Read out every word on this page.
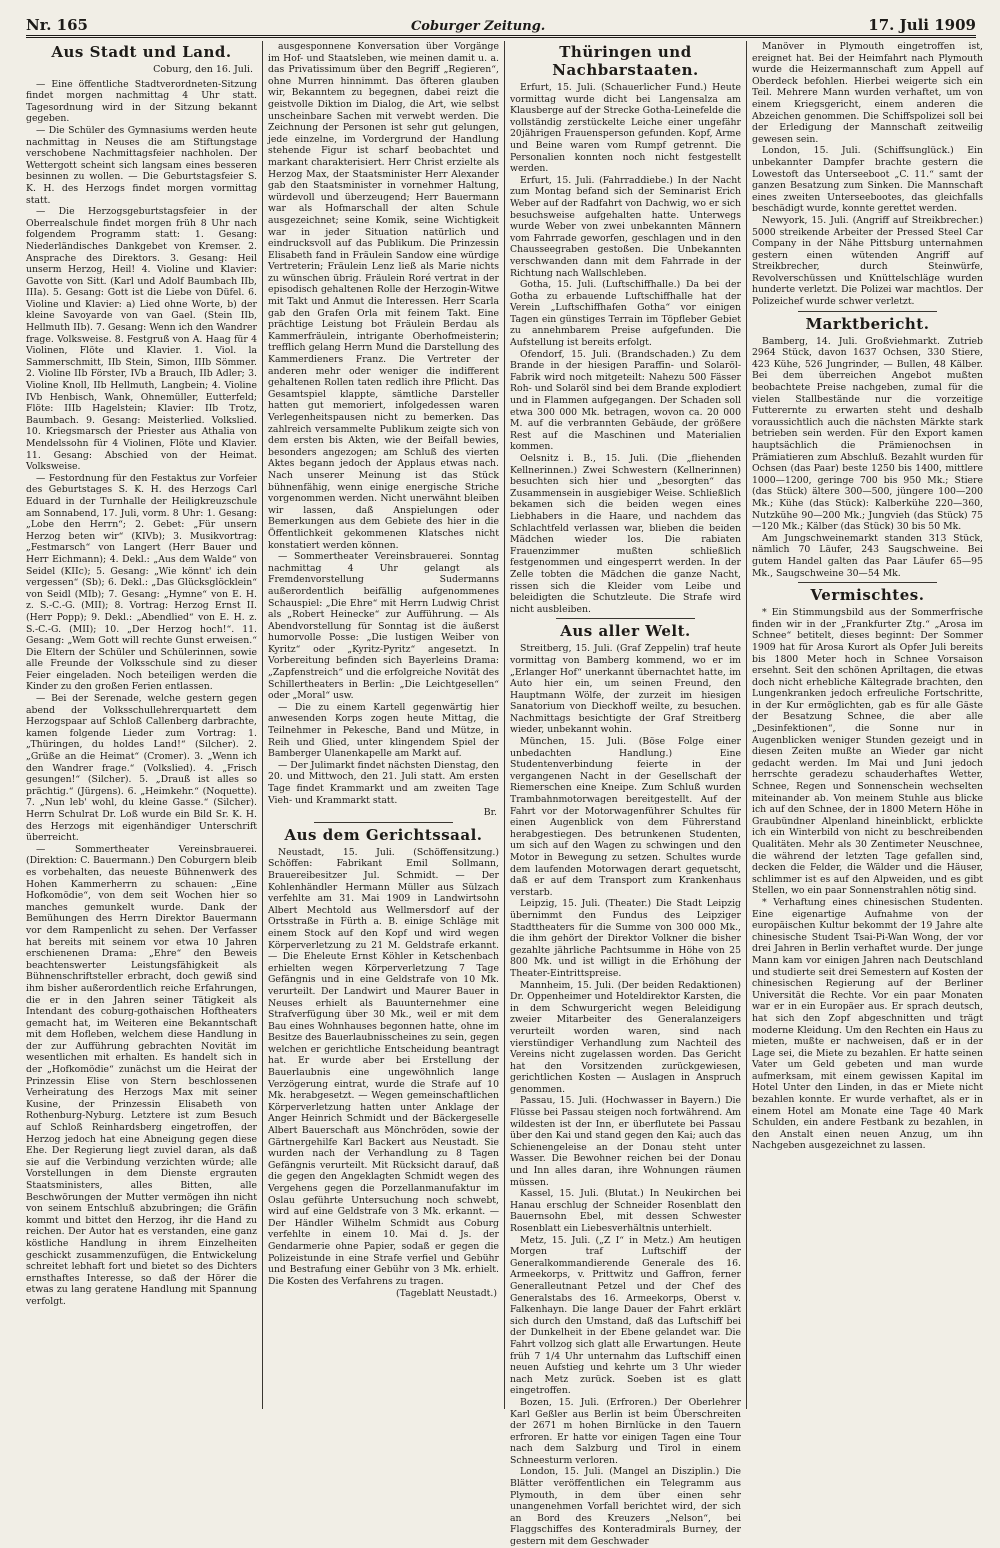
Nr. 165	Coburger Zeitung.	17. Juli 1909
Aus Stadt und Land.
Coburg, den 16. Juli.

— Eine öffentliche Stadtverordneten-Sitzung findet morgen nachmittag 4 Uhr statt. Tagesordnung wird in der Sitzung bekannt gegeben.

— Die Schüler des Gymnasiums werden heute nachmittag in Neuses die am Stiftungstage verschobene Nachmittagsfeier nachholen. Der Wettergott scheint sich langsam eines besseren besinnen zu wollen. — Die Geburtstagsfeier S. K. H. des Herzogs findet morgen vormittag statt.

— Die Herzogsgeburtstagsfeier in der Oberrealschule findet morgen früh 8 Uhr nach folgendem Programm statt: 1. Gesang: Niederländisches Dankgebet von Kremser. 2. Ansprache des Direktors. 3. Gesang: Heil unserm Herzog, Heil! 4. Violine und Klavier: Gavotte von Sitt. (Karl und Adolf Baumbach IIb, IIIa). 5. Gesang: Gott ist die Liebe von Düfel. 6. Violine und Klavier: a) Lied ohne Worte, b) der kleine Savoyarde von van Gael. (Stein IIb, Hellmuth IIb). 7. Gesang: Wenn ich den Wandrer frage. Volksweise. 8. Festgruß von A. Haag für 4 Violinen, Flöte und Klavier. 1. Viol. la Sammerschmitt, IIb Stein, Simon, IIIb Sömmer. 2. Violine IIb Förster, IVb a Brauch, IIb Adler; 3. Violine Knoll, IIb Hellmuth, Langbein; 4. Violine IVb Henbisch, Wank, Ohnemüller, Eutterfeld; Flöte: IIIb Hagelstein; Klavier: IIb Trotz, Baumbach. 9. Gesang: Meisterlied. Volkslied. 10. Kriegsmarsch der Priester aus Athalia von Mendelssohn für 4 Violinen, Flöte und Klavier. 11. Gesang: Abschied von der Heimat. Volksweise.

— Festordnung für den Festaktus zur Vorfeier des Geburtstages S. K. H. des Herzogs Carl Eduard in der Turnhalle der Heiligkreuzschule am Sonnabend, 17. Juli, vorm. 8 Uhr: 1. Gesang: „Lobe den Herrn“; 2. Gebet: „Für unsern Herzog beten wir“ (KIVb); 3. Musikvortrag: „Festmarsch“ von Langert (Herr Bauer und Herr Eichmann); 4. Dekl.: „Aus dem Walde“ von Seidel (KIIc); 5. Gesang: „Wie könnt' ich dein vergessen“ (Sb); 6. Dekl.: „Das Glücksglöcklein“ von Seidl (MIb); 7. Gesang: „Hymne“ von E. H. z. S.-C.-G. (MII); 8. Vortrag: Herzog Ernst II. (Herr Popp); 9. Dekl.: „Abendlied“ von E. H. z. S.-C.-G. (MII); 10. „Der Herzog hoch!“. 11. Gesang: „Wem Gott will rechte Gunst erweisen.“ Die Eltern der Schüler und Schülerinnen, sowie alle Freunde der Volksschule sind zu dieser Feier eingeladen. Noch beteiligen werden die Kinder zu den großen Ferien entlassen.

— Bei der Serenade, welche gestern gegen abend der Volksschullehrerquartett dem Herzogspaar auf Schloß Callenberg darbrachte, kamen folgende Lieder zum Vortrag: 1. „Thüringen, du holdes Land!“ (Silcher). 2. „Grüße an die Heimat“ (Cromer). 3. „Wenn ich den Wandrer frage.“ (Volkslied). 4. „Frisch gesungen!“ (Silcher). 5. „Drauß ist alles so prächtig.“ (Jürgens). 6. „Heimkehr.“ (Noquette). 7. „Nun leb' wohl, du kleine Gasse.“ (Silcher). Herrn Schulrat Dr. Loß wurde ein Bild Sr. K. H. des Herzogs mit eigenhändiger Unterschrift überreicht.

— Sommertheater Vereinsbrauerei. (Direktion: C. Bauermann.) Den Coburgern bleib es vorbehalten, das neueste Bühnenwerk des Hohen Kammerherrn zu schauen: „Eine Hofkomödie“, von dem seit Wochen hier so manches gemunkelt wurde. Dank der Bemühungen des Herrn Direktor Bauermann vor dem Rampenlicht zu sehen. Der Verfasser hat bereits mit seinem vor etwa 10 Jahren erschienenen Drama: „Ehre“ den Beweis beachtenswerter Leistungsfähigkeit als Bühnenschriftsteller erbracht, doch gewiß sind ihm bisher außerordentlich reiche Erfahrungen, die er in den Jahren seiner Tätigkeit als Intendant des coburg-gothaischen Hoftheaters gemacht hat, im Weiteren eine Bekanntschaft mit dem Hofleben, welchem diese Handlung in der zur Aufführung gebrachten Novität im wesentlichen mit erhalten. Es handelt sich in der „Hofkomödie“ zunächst um die Heirat der Prinzessin Elise von Stern beschlossenen Verheiratung des Herzogs Max mit seiner Kusine, der Prinzessin Elisabeth von Rothenburg-Nyburg. Letztere ist zum Besuch auf Schloß Reinhardsberg eingetroffen, der Herzog jedoch hat eine Abneigung gegen diese Ehe. Der Regierung liegt zuviel daran, als daß sie auf die Verbindung verzichten würde; alle Vorstellungen in dem Dienste ergrauten Staatsministers, alles Bitten, alle Beschwörungen der Mutter vermögen ihn nicht von seinem Entschluß abzubringen; die Gräfin kommt und bittet den Herzog, ihr die Hand zu reichen. Der Autor hat es verstanden, eine ganz köstliche Handlung in ihrem Einzelheiten geschickt zusammenzufügen, die Entwickelung schreitet lebhaft fort und bietet so des Dichters ernsthaftes Interesse, so daß der Hörer die etwas zu lang geratene Handlung mit Spannung verfolgt.

ausgesponnene Konversation über Vorgänge im Hof- und Staatsleben, wie meinen damit u. a. das Privatissimum über den Begriff „Regieren“, ohne Murren hinnimmt. Das öfteren glauben wir, Bekanntem zu begegnen, dabei reizt die geistvolle Diktion im Dialog, die Art, wie selbst unscheinbare Sachen mit verwebt werden. Die Zeichnung der Personen ist sehr gut gelungen, jede einzelne, im Vordergrund der Handlung stehende Figur ist scharf beobachtet und markant charakterisiert. Herr Christ erzielte als Herzog Max, der Staatsminister Herr Alexander gab den Staatsminister in vornehmer Haltung, würdevoll und überzeugend; Herr Bauermann war als Hofmarschall der alten Schule ausgezeichnet; seine Komik, seine Wichtigkeit war in jeder Situation natürlich und eindrucksvoll auf das Publikum. Die Prinzessin Elisabeth fand in Fräulein Sandow eine würdige Vertreterin; Fräulein Lenz ließ als Marie nichts zu wünschen übrig. Fräulein Roré vertrat in der episodisch gehaltenen Rolle der Herzogin-Witwe mit Takt und Anmut die Interessen. Herr Scarla gab den Grafen Orla mit feinem Takt. Eine prächtige Leistung bot Fräulein Berdau als Kammerfräulein, intrigante Oberhofmeisterin; trefflich gelang Herrn Mund die Darstellung des Kammerdieners Franz. Die Vertreter der anderen mehr oder weniger die indifferent gehaltenen Rollen taten redlich ihre Pflicht. Das Gesamtspiel klappte, sämtliche Darsteller hatten gut memoriert, infolgedessen waren Verlegenheitspausen nicht zu bemerken. Das zahlreich versammelte Publikum zeigte sich von dem ersten bis Akten, wie der Beifall bewies, besonders angezogen; am Schluß des vierten Aktes begann jedoch der Applaus etwas nach. Nach unserer Meinung ist das Stück bühnenfähig, wenn einige energische Striche vorgenommen werden. Nicht unerwähnt bleiben wir lassen, daß Anspielungen oder Bemerkungen aus dem Gebiete des hier in die Öffentlichkeit gekommenen Klatsches nicht konstatiert werden können.

— Sommertheater Vereinsbrauerei. Sonntag nachmittag 4 Uhr gelangt als Fremdenvorstellung Sudermanns außerordentlich beifällig aufgenommenes Schauspiel: „Die Ehre“ mit Herrn Ludwig Christ als „Robert Heinecke“ zur Aufführung. — Als Abendvorstellung für Sonntag ist die äußerst humorvolle Posse: „Die lustigen Weiber von Kyritz“ oder „Kyritz-Pyritz“ angesetzt. In Vorbereitung befinden sich Bayerleins Drama: „Zapfenstreich“ und die erfolgreiche Novität des Schillertheaters in Berlin: „Die Leichtgesellen“ oder „Moral“ usw.

— Die zu einem Kartell gegenwärtig hier anwesenden Korps zogen heute Mittag, die Teilnehmer in Pekesche, Band und Mütze, in Reih und Glied, unter klingendem Spiel der Bamberger Ulanenkapelle am Markt auf.

— Der Julimarkt findet nächsten Dienstag, den 20. und Mittwoch, den 21. Juli statt. Am ersten Tage findet Krammarkt und am zweiten Tage Vieh- und Krammarkt statt.

Br.
Aus dem Gerichtssaal.

Neustadt, 15. Juli. (Schöffensitzung.) Schöffen: Fabrikant Emil Sollmann, Brauereibesitzer Jul. Schmidt. — Der Kohlenhändler Hermann Müller aus Sülzach verfehlte am 31. Mai 1909 in Landwirtsohn Albert Mechtold aus Wellmersdorf auf der Ortsstraße in Fürth a. B. einige Schläge mit einem Stock auf den Kopf und wird wegen Körperverletzung zu 21 M. Geldstrafe erkannt. — Die Eheleute Ernst Köhler in Ketschenbach erhielten wegen Körperverletzung 7 Tage Gefängnis und in eine Geldstrafe von 10 Mk. verurteilt. Der Landwirt und Maurer Bauer in Neuses erhielt als Bauunternehmer eine Strafverfügung über 30 Mk., weil er mit dem Bau eines Wohnhauses begonnen hatte, ohne im Besitze des Bauerlaubnisscheines zu sein, gegen welchen er gerichtliche Entscheidung beantragt hat. Er wurde aber bei Erstellung der Bauerlaubnis eine ungewöhnlich lange Verzögerung eintrat, wurde die Strafe auf 10 Mk. herabgesetzt. — Wegen gemeinschaftlichen Körperverletzung hatten unter Anklage der Anger Heinrich Schmidt und der Bäckergeselle Albert Bauerschaft aus Mönchröden, sowie der Gärtnergehilfe Karl Backert aus Neustadt. Sie wurden nach der Verhandlung zu 8 Tagen Gefängnis verurteilt. Mit Rücksicht darauf, daß die gegen den Angeklagten Schmidt wegen des Vergehens gegen die Porzellanmanufaktur im Oslau geführte Untersuchung noch schwebt, wird auf eine Geldstrafe von 3 Mk. erkannt. — Der Händler Wilhelm Schmidt aus Coburg verfehlte in einem 10. Mai d. Js. der Gendarmerie ohne Papier, sodaß er gegen die Polizeistunde in eine Strafe verfiel und Gebühr und Bestrafung einer Gebühr von 3 Mk. erhielt. Die Kosten des Verfahrens zu tragen.

(Tageblatt Neustadt.)
Thüringen und Nachbarstaaten.

Erfurt, 15. Juli. (Schauerlicher Fund.) Heute vormittag wurde dicht bei Langensalza am Klausberge auf der Strecke Gotha-Leinefelde die vollständig zerstückelte Leiche einer ungefähr 20jährigen Frauensperson gefunden. Kopf, Arme und Beine waren vom Rumpf getrennt. Die Personalien konnten noch nicht festgestellt werden.

Erfurt, 15. Juli. (Fahrraddiebe.) In der Nacht zum Montag befand sich der Seminarist Erich Weber auf der Radfahrt von Dachwig, wo er sich besuchsweise aufgehalten hatte. Unterwegs wurde Weber von zwei unbekannten Männern vom Fahrrade geworfen, geschlagen und in den Chausseegraben gestoßen. Die Unbekannten verschwanden dann mit dem Fahrrade in der Richtung nach Wallschleben.

Gotha, 15. Juli. (Luftschiffhalle.) Da bei der Gotha zu erbauende Luftschiffhalle hat der Verein „Luftschiffhafen Gotha“ vor einigen Tagen ein günstiges Terrain im Töpfleber Gebiet zu annehmbarem Preise aufgefunden. Die Aufstellung ist bereits erfolgt.

Ofendorf, 15. Juli. (Brandschaden.) Zu dem Brande in der hiesigen Paraffin- und Solaröl-Fabrik wird noch mitgeteilt: Nahezu 500 Fässer Roh- und Solaröl sind bei dem Brande explodiert und in Flammen aufgegangen. Der Schaden soll etwa 300 000 Mk. betragen, wovon ca. 20 000 M. auf die verbrannten Gebäude, der größere Rest auf die Maschinen und Materialien kommen.

Oelsnitz i. B., 15. Juli. (Die „fliehenden Kellnerinnen.) Zwei Schwestern (Kellnerinnen) besuchten sich hier und „besorgten“ das Zusammensein in ausgiebiger Weise. Schließlich bekamen sich die beiden wegen eines Liebhabers in die Haare, und nachdem das Schlachtfeld verlassen war, blieben die beiden Mädchen wieder los. Die rabiaten Frauenzimmer mußten schließlich festgenommen und eingesperrt werden. In der Zelle tobten die Mädchen die ganze Nacht, rissen sich die Kleider vom Leibe und beleidigten die Schutzleute. Die Strafe wird nicht ausbleiben.

Aus aller Welt.

Streitberg, 15. Juli. (Graf Zeppelin) traf heute vormittag von Bamberg kommend, wo er im „Erlanger Hof“ unerkannt übernachtet hatte, im Auto hier ein, um seinen Freund, den Hauptmann Wölfe, der zurzeit im hiesigen Sanatorium von Dieckhoff weilte, zu besuchen. Nachmittags besichtigte der Graf Streitberg wieder, unbekannt wohin.

München, 15. Juli. (Böse Folge einer unbedachten Handlung.) Eine Studentenverbindung feierte in der vergangenen Nacht in der Gesellschaft der Riemerschen eine Kneipe. Zum Schluß wurden Trambahnmotorwagen bereitgestellt. Auf der Fahrt vor der Motorwagenführer Schultes für einen Augenblick von dem Führerstand herabgestiegen. Des betrunkenen Studenten, um sich auf den Wagen zu schwingen und den Motor in Bewegung zu setzen. Schultes wurde dem laufenden Motorwagen derart gequetscht, daß er auf dem Transport zum Krankenhaus verstarb.

Leipzig, 15. Juli. (Theater.) Die Stadt Leipzig übernimmt den Fundus des Leipziger Stadttheaters für die Summe von 300 000 Mk., die ihm gehört der Direktor Volkner die bisher gezahlte jährliche Pachtsumme in Höhe von 25 800 Mk. und ist willigt in die Erhöhung der Theater-Eintrittspreise.

Mannheim, 15. Juli. (Der beiden Redaktionen) Dr. Oppenheimer und Hoteldirektor Karsten, die in dem Schwurgericht wegen Beleidigung zweier Mitarbeiter des Generalanzeigers verurteilt worden waren, sind nach vierstündiger Verhandlung zum Nachteil des Vereins nicht zugelassen worden. Das Gericht hat den Vorsitzenden zurückgewiesen, gerichtlichen Kosten — Auslagen in Anspruch genommen.

Passau, 15. Juli. (Hochwasser in Bayern.) Die Flüsse bei Passau steigen noch fortwährend. Am wildesten ist der Inn, er überflutete bei Passau über den Kai und stand gegen den Kai; auch das Schienengeleise an der Donau steht unter Wasser. Die Bewohner reichen bei der Donau und Inn alles daran, ihre Wohnungen räumen müssen.

Kassel, 15. Juli. (Blutat.) In Neukirchen bei Hanau erschlug der Schneider Rosenblatt den Bauernsohn Ebel, mit dessen Schwester Rosenblatt ein Liebesverhältnis unterhielt.

Metz, 15. Juli. („Z I“ in Metz.) Am heutigen Morgen traf Luftschiff der Generalkommandierende Generale des 16. Armeekorps, v. Prittwitz und Gaffron, ferner Generalleutnant Petzel und der Chef des Generalstabs des 16. Armeekorps, Oberst v. Falkenhayn. Die lange Dauer der Fahrt erklärt sich durch den Umstand, daß das Luftschiff bei der Dunkelheit in der Ebene gelandet war. Die Fahrt vollzog sich glatt alle Erwartungen. Heute früh 7 1/4 Uhr unternahm das Luftschiff einen neuen Aufstieg und kehrte um 3 Uhr wieder nach Metz zurück. Soeben ist es glatt eingetroffen.

Bozen, 15. Juli. (Erfroren.) Der Oberlehrer Karl Geßler aus Berlin ist beim Überschreiten der 2671 m hohen Birnlücke in den Tauern erfroren. Er hatte vor einigen Tagen eine Tour nach dem Salzburg und Tirol in einem Schneesturm verloren.

London, 15. Juli. (Mangel an Disziplin.) Die Blätter veröffentlichen ein Telegramm aus Plymouth, in dem über einen sehr unangenehmen Vorfall berichtet wird, der sich an Bord des Kreuzers „Nelson“, bei Flaggschiffes des Konteradmirals Burney, der gestern mit dem Geschwader

Manöver in Plymouth eingetroffen ist, ereignet hat. Bei der Heimfahrt nach Plymouth wurde die Heizermannschaft zum Appell auf Oberdeck befohlen. Hierbei weigerte sich ein Teil. Mehrere Mann wurden verhaftet, um von einem Kriegsgericht, einem anderen die Abzeichen genommen. Die Schiffspolizei soll bei der Erledigung der Mannschaft zeitweilig gewesen sein.

London, 15. Juli. (Schiffsunglück.) Ein unbekannter Dampfer brachte gestern die Lowestoft das Unterseeboot „C. 11.“ samt der ganzen Besatzung zum Sinken. Die Mannschaft eines zweiten Unterseebootes, das gleichfalls beschädigt wurde, konnte gerettet werden.

Newyork, 15. Juli. (Angriff auf Streikbrecher.) 5000 streikende Arbeiter der Pressed Steel Car Company in der Nähe Pittsburg unternahmen gestern einen wütenden Angriff auf Streikbrecher, durch Steinwürfe, Revolverschüssen und Knüttelschläge wurden hunderte verletzt. Die Polizei war machtlos. Der Polizeichef wurde schwer verletzt.

Marktbericht.

Bamberg, 14. Juli. Großviehmarkt. Zutrieb 2964 Stück, davon 1637 Ochsen, 330 Stiere, 423 Kühe, 526 Jungrinder, — Bullen, 48 Kälber. Bei dem überreichen Angebot mußten beobachtete Preise nachgeben, zumal für die vielen Stallbestände nur die vorzeitige Futterernte zu erwarten steht und deshalb voraussichtlich auch die nächsten Märkte stark betrieben sein werden. Für den Export kamen hauptsächlich die Prämienochsen in Prämiatieren zum Abschluß. Bezahlt wurden für Ochsen (das Paar) beste 1250 bis 1400, mittlere 1000—1200, geringe 700 bis 950 Mk.; Stiere (das Stück) ältere 300—500, jüngere 100—200 Mk.; Kühe (das Stück): Kalberkühe 220—360, Nutzkühe 90—200 Mk.; Jungvieh (das Stück) 75—120 Mk.; Kälber (das Stück) 30 bis 50 Mk.

Am Jungschweinemarkt standen 313 Stück, nämlich 70 Läufer, 243 Saugschweine. Bei gutem Handel galten das Paar Läufer 65—95 Mk., Saugschweine 30—54 Mk.

Vermischtes.

* Ein Stimmungsbild aus der Sommerfrische finden wir in der „Frankfurter Ztg.“ „Arosa im Schnee“ betitelt, dieses beginnt: Der Sommer 1909 hat für Arosa Kurort als Opfer Juli bereits bis 1800 Meter hoch in Schnee Vorsaison ersehnt. Seit den schönen Apriltagen, die etwas doch nicht erhebliche Kältegrade brachten, den Lungenkranken jedoch erfreuliche Fortschritte, in der Kur ermöglichten, gab es für alle Gäste der Besatzung Schnee, die aber alle „Desinfektionen“, die Sonne nur in Augenblicken weniger Stunden gezeigt und in diesen Zeiten mußte an Wieder gar nicht gedacht werden. Im Mai und Juni jedoch herrschte geradezu schauderhaftes Wetter, Schnee, Regen und Sonnenschein wechselten miteinander ab. Von meinem Stuhle aus blicke ich auf den Schnee, der in 1800 Metern Höhe in Graubündner Alpenland hineinblickt, erblickte ich ein Winterbild von nicht zu beschreibenden Qualitäten. Mehr als 30 Zentimeter Neuschnee, die während der letzten Tage gefallen sind, decken die Felder, die Wälder und die Häuser, schlimmer ist es auf den Alpweiden, und es gibt Stellen, wo ein paar Sonnenstrahlen nötig sind.

* Verhaftung eines chinesischen Studenten. Eine eigenartige Aufnahme von der europäischen Kultur bekommt der 19 Jahre alte chinesische Student Tsai-Pi-Wan Wong, der vor drei Jahren in Berlin verhaftet wurde. Der junge Mann kam vor einigen Jahren nach Deutschland und studierte seit drei Semestern auf Kosten der chinesischen Regierung auf der Berliner Universität die Rechte. Vor ein paar Monaten war er in ein Europäer aus. Er sprach deutsch, hat sich den Zopf abgeschnitten und trägt moderne Kleidung. Um den Rechten ein Haus zu mieten, mußte er nachweisen, daß er in der Lage sei, die Miete zu bezahlen. Er hatte seinen Vater um Geld gebeten und man wurde aufmerksam, mit einem gewissen Kapital im Hotel Unter den Linden, in das er Miete nicht bezahlen konnte. Er wurde verhaftet, als er in einem Hotel am Monate eine Tage 40 Mark Schulden, ein andere Festbank zu bezahlen, in den Anstalt einen neuen Anzug, um ihn Nachgeben ausgezeichnet zu lassen.
